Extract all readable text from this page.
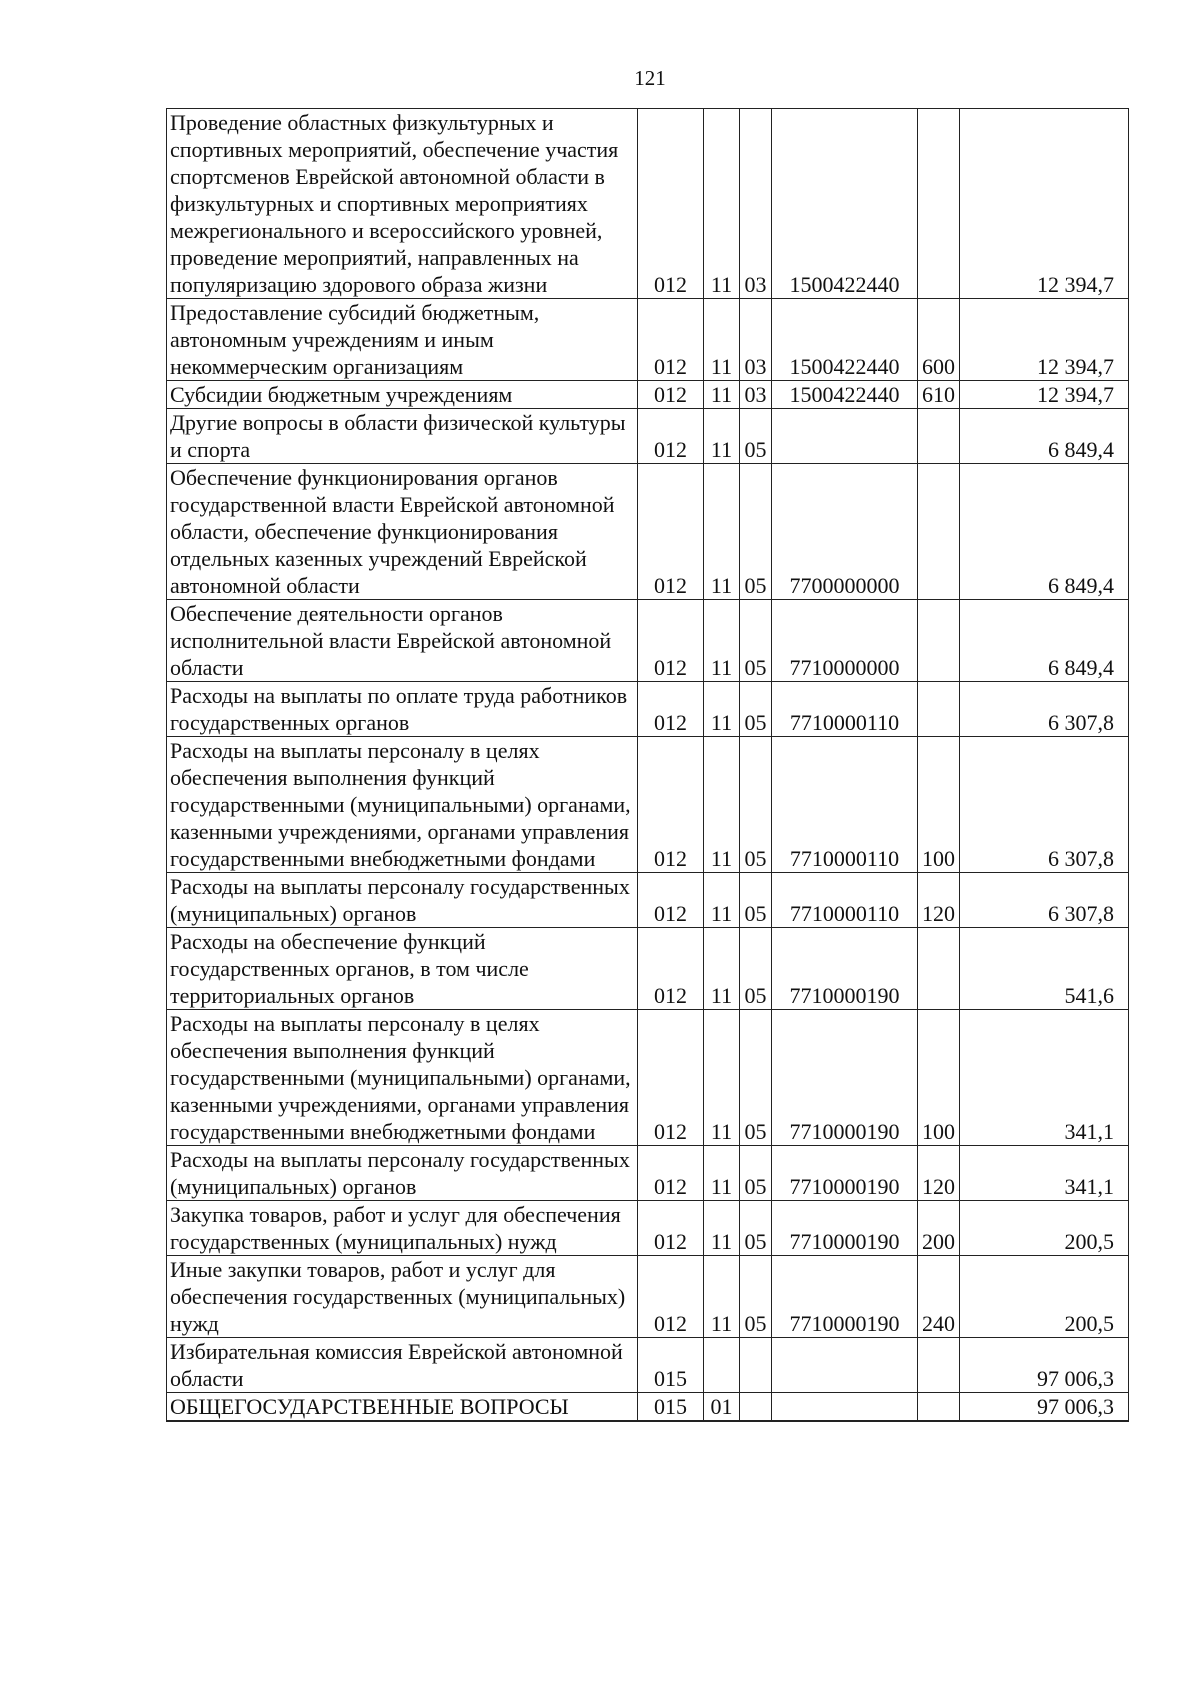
121
Проведение областных физкультурных и спортивных мероприятий, обеспечение участия спортсменов Еврейской автономной области в физкультурных и спортивных мероприятиях межрегионального и всероссийского уровней, проведение мероприятий, направленных на популяризацию здорового образа жизни	012	11	03	1500422440		12 394,7
Предоставление субсидий бюджетным, автономным учреждениям и иным некоммерческим организациям	012	11	03	1500422440	600	12 394,7
Субсидии бюджетным учреждениям	012	11	03	1500422440	610	12 394,7
Другие вопросы в области физической культуры и спорта	012	11	05			6 849,4
Обеспечение функционирования органов государственной власти Еврейской автономной области, обеспечение функционирования отдельных казенных учреждений Еврейской автономной области	012	11	05	7700000000		6 849,4
Обеспечение деятельности органов исполнительной власти Еврейской автономной области	012	11	05	7710000000		6 849,4
Расходы на выплаты по оплате труда работников государственных органов	012	11	05	7710000110		6 307,8
Расходы на выплаты персоналу в целях обеспечения выполнения функций государственными (муниципальными) органами, казенными учреждениями, органами управления государственными внебюджетными фондами	012	11	05	7710000110	100	6 307,8
Расходы на выплаты персоналу государственных (муниципальных) органов	012	11	05	7710000110	120	6 307,8
Расходы на обеспечение функций государственных органов, в том числе территориальных органов	012	11	05	7710000190		541,6
Расходы на выплаты персоналу в целях обеспечения выполнения функций государственными (муниципальными) органами, казенными учреждениями, органами управления государственными внебюджетными фондами	012	11	05	7710000190	100	341,1
Расходы на выплаты персоналу государственных (муниципальных) органов	012	11	05	7710000190	120	341,1
Закупка товаров, работ и услуг для обеспечения государственных (муниципальных) нужд	012	11	05	7710000190	200	200,5
Иные закупки товаров, работ и услуг для обеспечения государственных (муниципальных) нужд	012	11	05	7710000190	240	200,5
Избирательная комиссия Еврейской автономной области	015					97 006,3
ОБЩЕГОСУДАРСТВЕННЫЕ ВОПРОСЫ	015	01				97 006,3
